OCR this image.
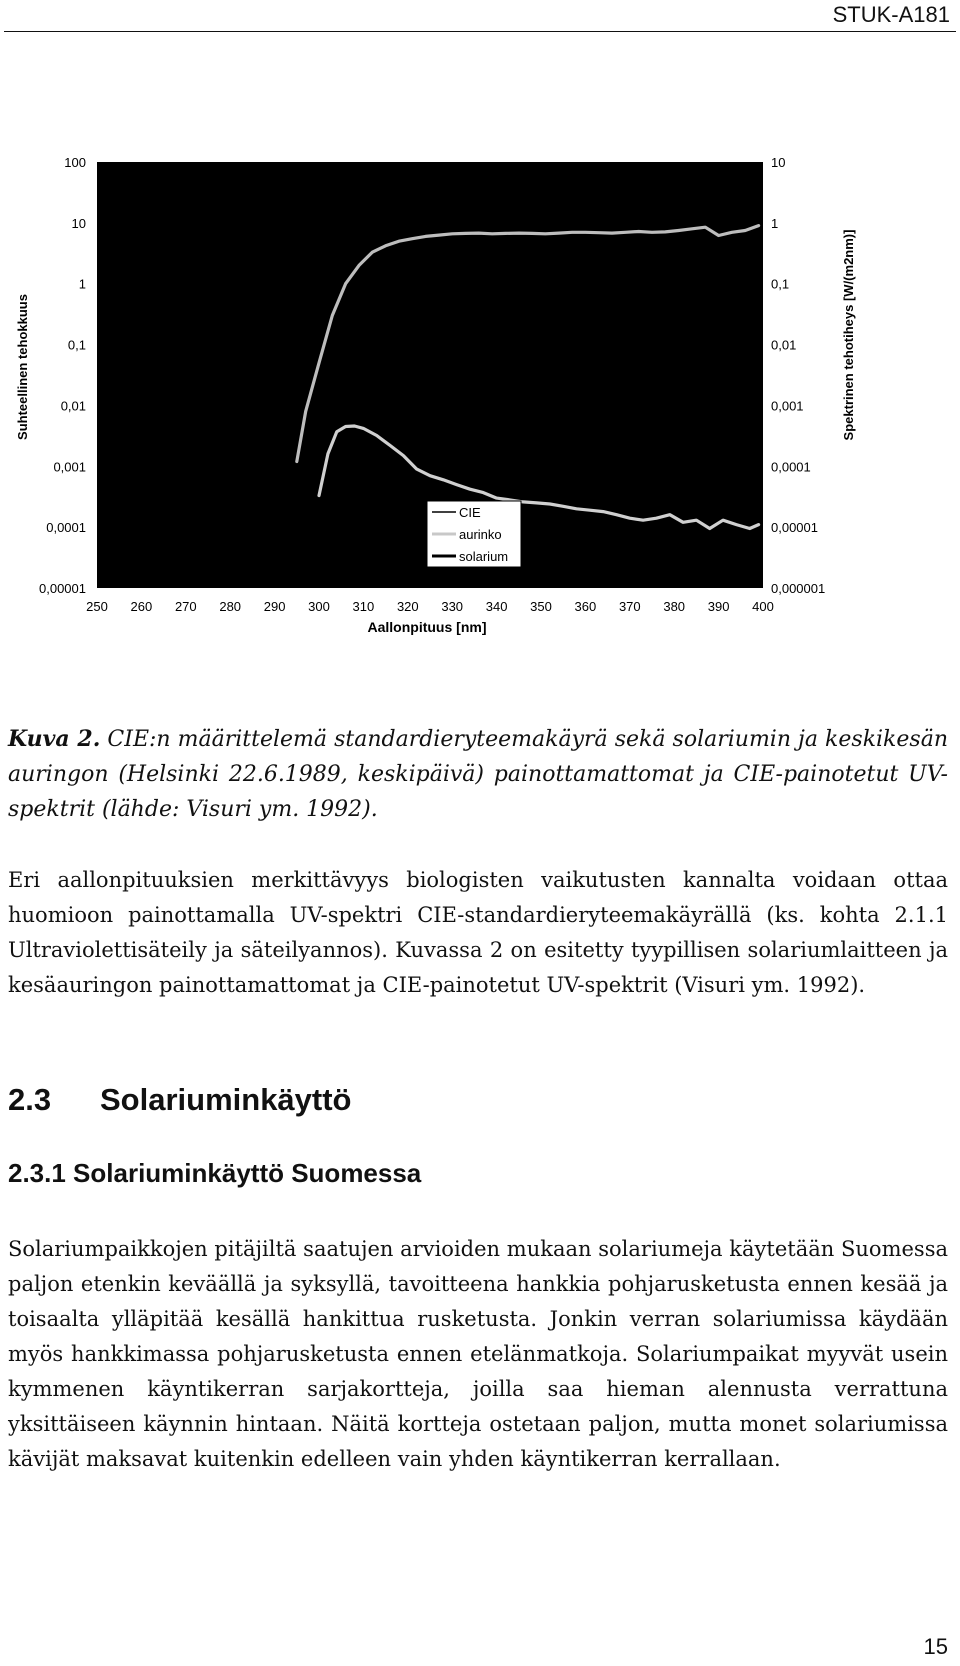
STUK-A181
100
10
1
0,1
0,01
0,001
0,0001
0,00001
10
1
0,1
0,01
0,001
0,0001
0,00001
0,000001
250 260 270 280 290 300 310 320 330 340 350 360 370 380 390 400
Suhteellinen tehokkuus	Spektrinen tehotiheys [W/(m2nm)]
Aallonpituus [nm]
CIE
aurinko
solarium
Kuva 2. CIE:n määrittelemä standardieryteemakäyrä sekä solariumin ja keskikesän auringon (Helsinki 22.6.1989, keskipäivä) painottamattomat ja CIE-painotetut UV-spektrit (lähde: Visuri ym. 1992).
Eri aallonpituuksien merkittävyys biologisten vaikutusten kannalta voidaan ottaa huomioon painottamalla UV-spektri CIE-standardieryteemakäyrällä (ks. kohta 2.1.1 Ultraviolettisäteily ja säteilyannos). Kuvassa 2 on esitetty tyypillisen solariumlaitteen ja kesäauringon painottamattomat ja CIE-painotetut UV-spektrit (Visuri ym. 1992).
2.3 Solariuminkäyttö
2.3.1 Solariuminkäyttö Suomessa
Solariumpaikkojen pitäjiltä saatujen arvioiden mukaan solariumeja käytetään Suomessa paljon etenkin keväällä ja syksyllä, tavoitteena hankkia pohjarusketusta ennen kesää ja toisaalta ylläpitää kesällä hankittua rusketusta. Jonkin verran solariumissa käydään myös hankkimassa pohjarusketusta ennen etelänmatkoja. Solariumpaikat myyvät usein kymmenen käyntikerran sarjakortteja, joilla saa hieman alennusta verrattuna yksittäiseen käynnin hintaan. Näitä kortteja ostetaan paljon, mutta monet solariumissa kävijät maksavat kuitenkin edelleen vain yhden käyntikerran kerrallaan.
15
